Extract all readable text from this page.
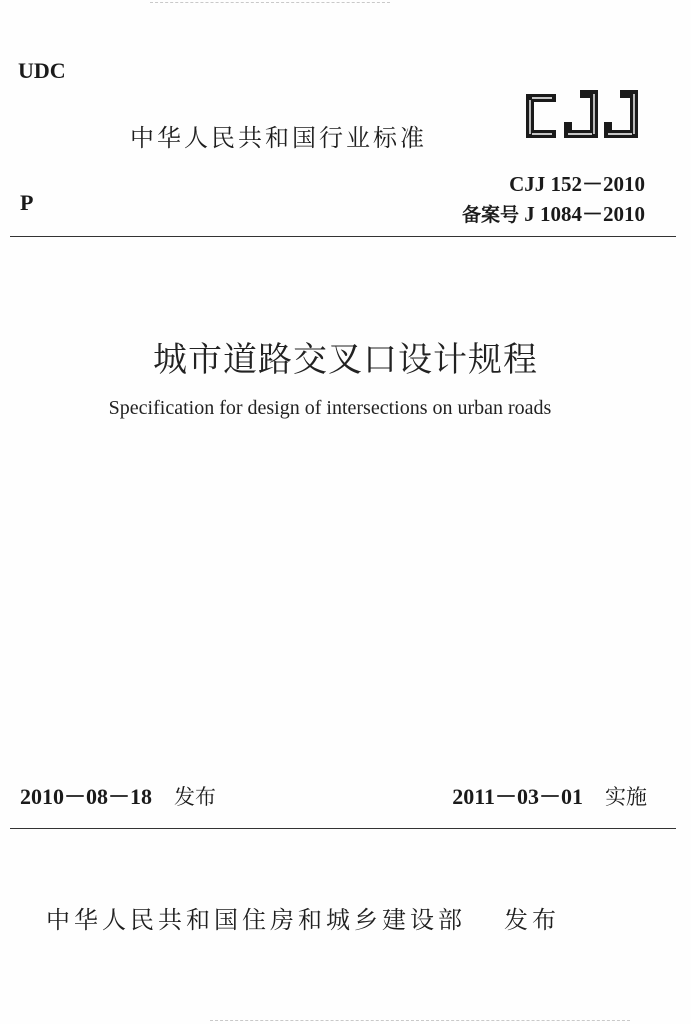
UDC
中华人民共和国行业标准
P
CJJ 152－2010
备案号 J 1084－2010
城市道路交叉口设计规程
Specification for design of intersections on urban roads
2010－08－18 发布	2011－03－01 实施
中华人民共和国住房和城乡建设部 发布
